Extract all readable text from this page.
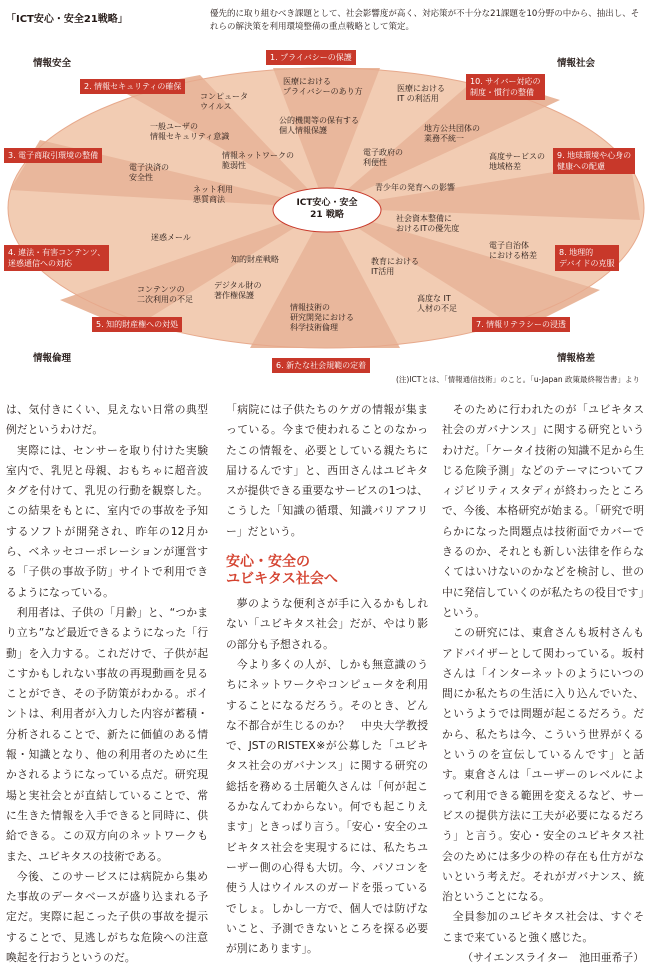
「ICT安心・安全21戦略」	優先的に取り組むべき課題として、社会影響度が高く、対応策が不十分な21課題を10分野の中から、抽出し、それらの解決策を利用環境整備の重点戦略として策定。
ICT安心・安全
21 戦略
情報安全	情報社会
情報倫理	情報格差
1. プライバシーの保護
2. 情報セキュリティの確保
3. 電子商取引環境の整備
4. 違法・有害コンテンツ、
迷惑通信への対応
5. 知的財産権への対処
6. 新たな社会規範の定着
7. 情報リテラシーの浸透
8. 地理的
デバイドの克服
9. 地球環境や心身の
健康への配慮
10. サイバー対応の
制度・慣行の整備
医療における
プライバシーのあり方
公的機関等の保有する
個人情報保護
コンピュータ
ウイルス
一般ユーザの
情報セキュリティ意識
情報ネットワークの
脆弱性
電子決済の
安全性
ネット利用
悪質商法
迷惑メール
知的財産戦略
コンテンツの
二次利用の不足
デジタル財の
著作権保護
情報技術の
研究開発における
科学技術倫理
医療における
IT の利活用
地方公共団体の
業務不統一
電子政府の
利便性
高度サービスの
地域格差
青少年の発育への影響
社会資本整備に
おけるITの優先度
電子自治体
における格差
教育における
IT活用
高度な IT
人材の不足
(注)ICTとは、「情報通信技術」のこと。「u-Japan 政策最終報告書」より

は、気付きにくい、見えない日常の典型例だというわけだ。

実際には、センサーを取り付けた実験室内で、乳児と母親、おもちゃに超音波タグを付けて、乳児の行動を観察した。この結果をもとに、室内での事故を予知するソフトが開発され、昨年の12月から、ベネッセコーポレーションが運営する「子供の事故予防」サイトで利用できるようになっている。

利用者は、子供の「月齢」と、“つかまり立ち”など最近できるようになった「行動」を入力する。これだけで、子供が起こすかもしれない事故の再現動画を見ることができ、その予防策がわかる。ポイントは、利用者が入力した内容が蓄積・分析されることで、新たに価値のある情報・知識となり、他の利用者のために生かされるようになっている点だ。研究現場と実社会とが直結していることで、常に生きた情報を入手できると同時に、供給できる。この双方向のネットワークもまた、ユビキタスの技術である。

今後、このサービスには病院から集めた事故のデータベースが盛り込まれる予定だ。実際に起こった子供の事故を提示することで、見逃しがちな危険への注意喚起を行おうというのだ。

「病院には子供たちのケガの情報が集まっている。今まで使われることのなかったこの情報を、必要としている親たちに届けるんです」と、西田さんはユビキタスが提供できる重要なサービスの1つは、こうした「知識の循環、知識バリアフリー」だという。

安心・安全の
ユビキタス社会へ

夢のような便利さが手に入るかもしれない「ユビキタス社会」だが、やはり影の部分も予想される。

今より多くの人が、しかも無意識のうちにネットワークやコンピュータを利用することになるだろう。そのとき、どんな不都合が生じるのか？　中央大学教授で、JSTのRISTEX※が公募した「ユビキタス社会のガバナンス」に関する研究の総括を務める土居範久さんは「何が起こるかなんてわからない。何でも起こりえます」ときっぱり言う。「安心・安全のユビキタス社会を実現するには、私たちユーザー側の心得も大切。今、パソコンを使う人はウイルスのガードを張っているでしょ。しかし一方で、個人では防げないこと、予測できないところを探る必要が別にあります」。

そのために行われたのが「ユビキタス社会のガバナンス」に関する研究というわけだ。「ケータイ技術の知識不足から生じる危険予測」などのテーマについてフィジビリティスタディが終わったところで、今後、本格研究が始まる。「研究で明らかになった問題点は技術面でカバーできるのか、それとも新しい法律を作らなくてはいけないのかなどを検討し、世の中に発信していくのが私たちの役目です」という。

この研究には、東倉さんも坂村さんもアドバイザーとして関わっている。坂村さんは「インターネットのようにいつの間にか私たちの生活に入り込んでいた、というようでは問題が起こるだろう。だから、私たちは今、こういう世界がくるというのを宣伝しているんです」と話す。東倉さんは「ユーザーのレベルによって利用できる範囲を変えるなど、サービスの提供方法に工夫が必要になるだろう」と言う。安心・安全のユビキタス社会のためには多少の枠の存在も仕方がないという考えだ。それがガバナンス、統治ということになる。

全員参加のユビキタス社会は、すぐそこまで来ていると強く感じた。

（サイエンスライター　池田亜希子）
